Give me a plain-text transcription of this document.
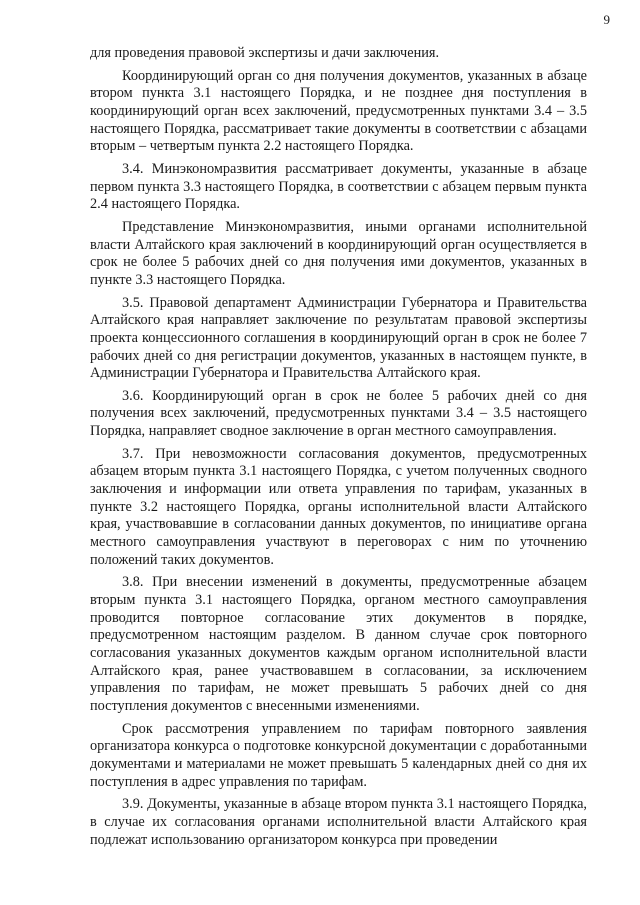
9

для проведения правовой экспертизы и дачи заключения.

Координирующий орган со дня получения документов, указанных в абзаце втором пункта 3.1 настоящего Порядка, и не позднее дня поступления в координирующий орган всех заключений, предусмотренных пунктами 3.4 – 3.5 настоящего Порядка, рассматривает такие документы в соответствии с абзацами вторым – четвертым пункта 2.2 настоящего Порядка.

3.4. Минэкономразвития рассматривает документы, указанные в абзаце первом пункта 3.3 настоящего Порядка, в соответствии с абзацем первым пункта 2.4 настоящего Порядка.

Представление Минэкономразвития, иными органами исполнительной власти Алтайского края заключений в координирующий орган осуществляется в срок не более 5 рабочих дней со дня получения ими документов, указанных в пункте 3.3 настоящего Порядка.

3.5. Правовой департамент Администрации Губернатора и Правительства Алтайского края направляет заключение по результатам правовой экспертизы проекта концессионного соглашения в координирующий орган в срок не более 7 рабочих дней со дня регистрации документов, указанных в настоящем пункте, в Администрации Губернатора и Правительства Алтайского края.

3.6. Координирующий орган в срок не более 5 рабочих дней со дня получения всех заключений, предусмотренных пунктами 3.4 – 3.5 настоящего Порядка, направляет сводное заключение в орган местного самоуправления.

3.7. При невозможности согласования документов, предусмотренных абзацем вторым пункта 3.1 настоящего Порядка, с учетом полученных сводного заключения и информации или ответа управления по тарифам, указанных в пункте 3.2 настоящего Порядка, органы исполнительной власти Алтайского края, участвовавшие в согласовании данных документов, по инициативе органа местного самоуправления участвуют в переговорах с ним по уточнению положений таких документов.

3.8. При внесении изменений в документы, предусмотренные абзацем вторым пункта 3.1 настоящего Порядка, органом местного самоуправления проводится повторное согласование этих документов в порядке, предусмотренном настоящим разделом. В данном случае срок повторного согласования указанных документов каждым органом исполнительной власти Алтайского края, ранее участвовавшем в согласовании, за исключением управления по тарифам, не может превышать 5 рабочих дней со дня поступления документов с внесенными изменениями.

Срок рассмотрения управлением по тарифам повторного заявления организатора конкурса о подготовке конкурсной документации с доработанными документами и материалами не может превышать 5 календарных дней со дня их поступления в адрес управления по тарифам.

3.9. Документы, указанные в абзаце втором пункта 3.1 настоящего Порядка, в случае их согласования органами исполнительной власти Алтайского края подлежат использованию организатором конкурса при проведении
